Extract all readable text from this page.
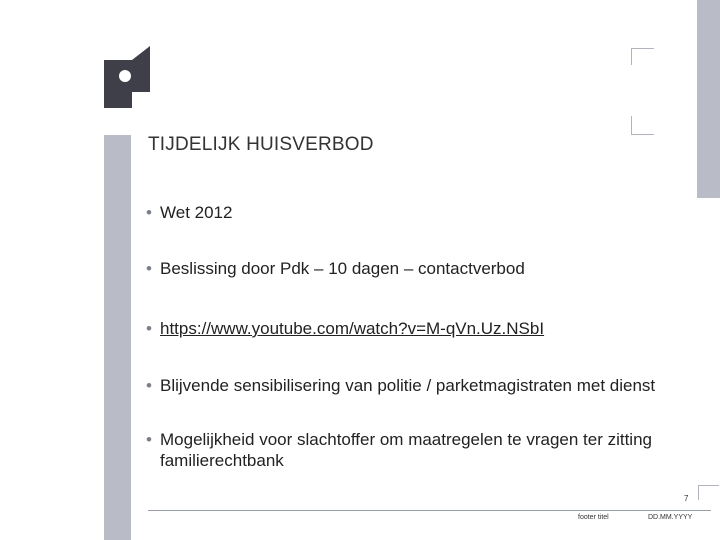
TIJDELIJK HUISVERBOD
• Wet 2012
• Beslissing door Pdk – 10 dagen – contactverbod
• https://www.youtube.com/watch?v=M-qVn.Uz.NSbI
• Blijvende sensibilisering van politie / parketmagistraten met dienst
• Mogelijkheid voor slachtoffer om maatregelen te vragen ter zitting familierechtbank
7
footer titel	DD.MM.YYYY
